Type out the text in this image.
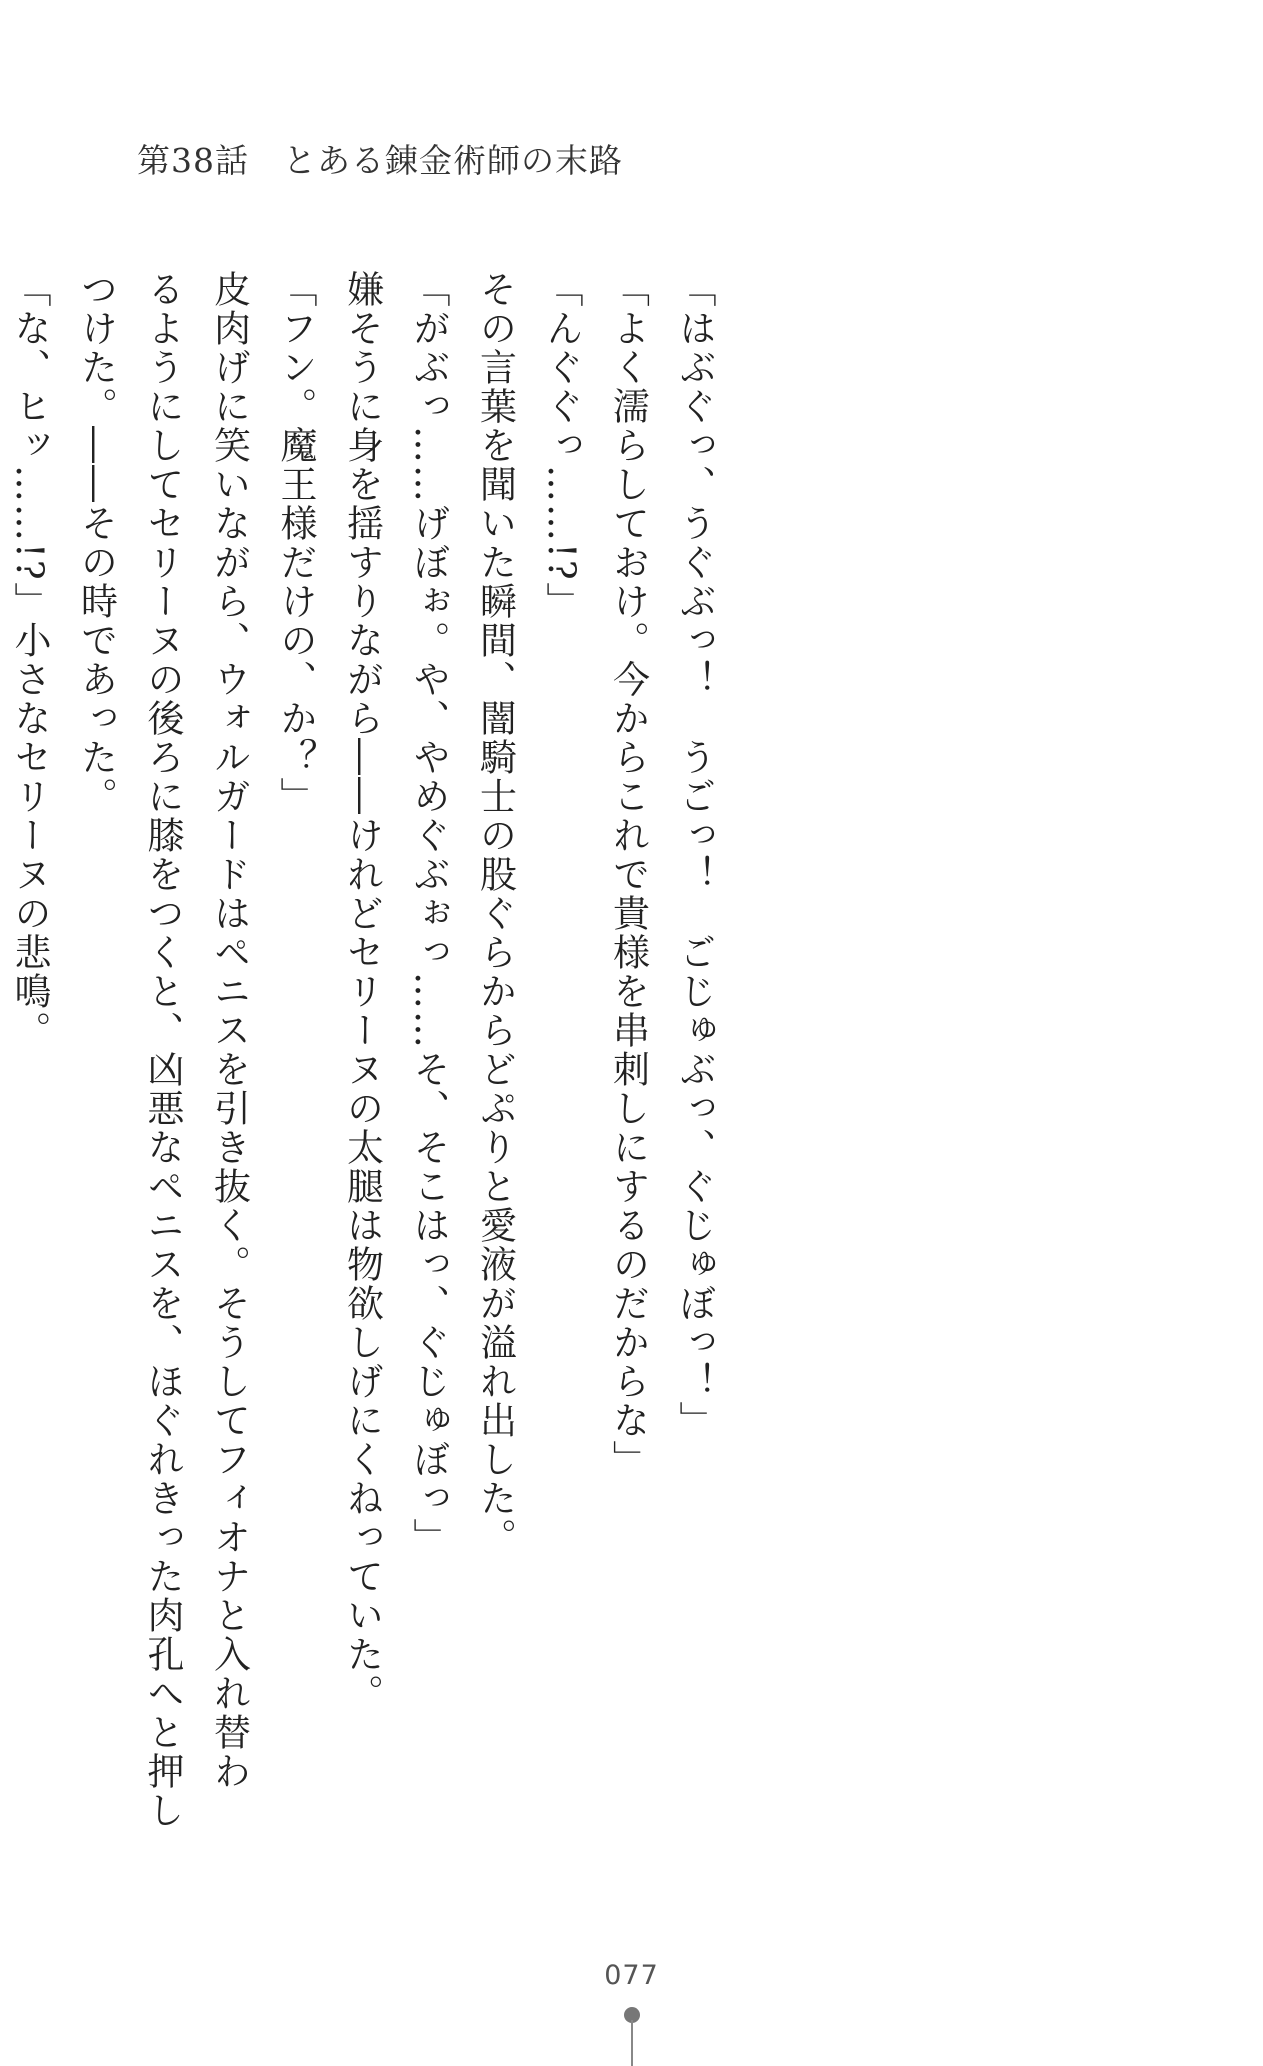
第38話　とある錬金術師の末路

「はぶぐっ、うぐぶっ！　うごっ！　ごじゅぶっ、ぐじゅぼっ！」

「よく濡らしておけ。今からこれで貴様を串刺しにするのだからな」

「んぐぐっ……!?」

その言葉を聞いた瞬間、闇騎士の股ぐらからどぷりと愛液が溢れ出した。

「がぶっ……げぼぉ。や、やめぐぶぉっ……そ、そこはっ、ぐじゅぼっ」

嫌そうに身を揺すりながら――けれどセリーヌの太腿は物欲しげにくねっていた。

「フン。魔王様だけの、か？」

皮肉げに笑いながら、ウォルガードはペニスを引き抜く。そうしてフィオナと入れ替わ

るようにしてセリーヌの後ろに膝をつくと、凶悪なペニスを、ほぐれきった肉孔へと押し

つけた。――その時であった。

「な、ヒッ……!?」小さなセリーヌの悲鳴。

077
